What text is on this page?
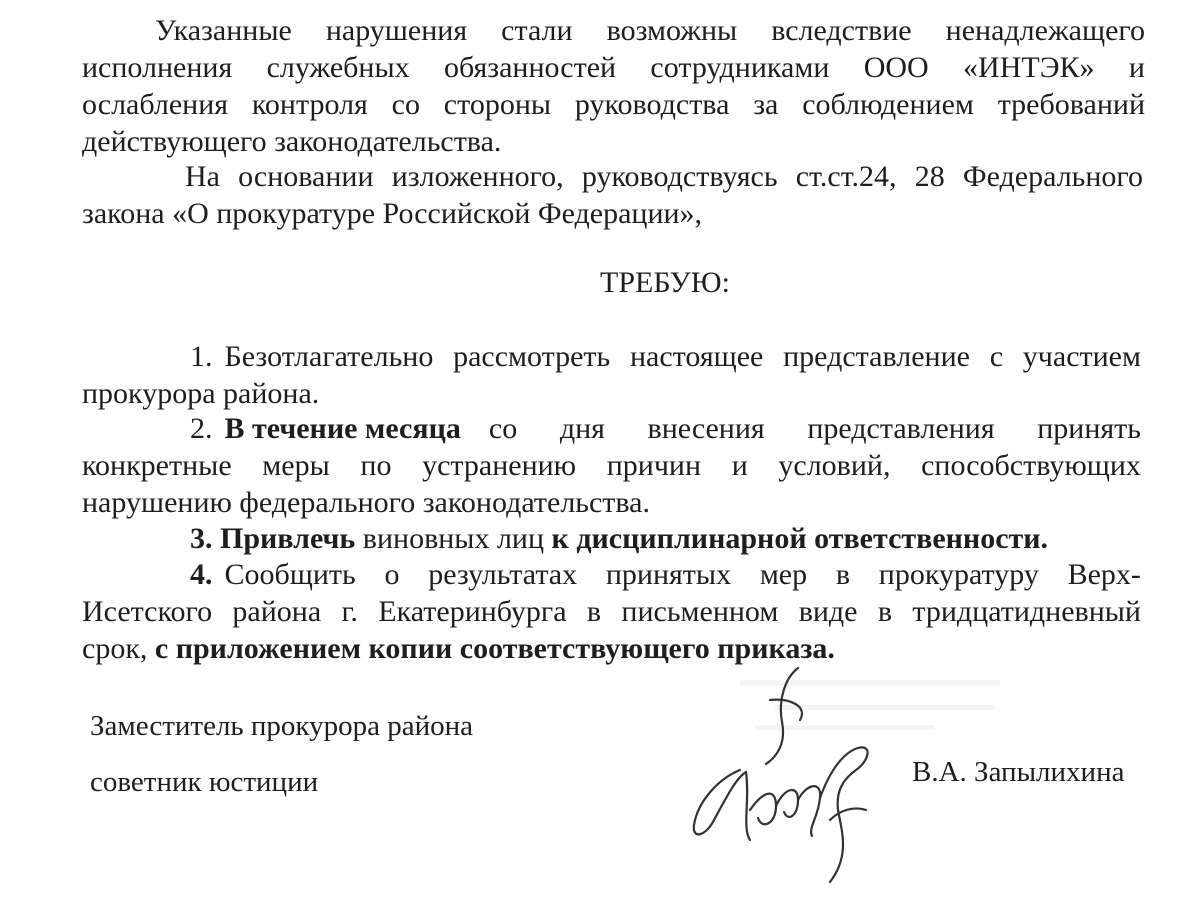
Указанные нарушения стали возможны вследствие ненадлежащего
исполнения служебных обязанностей сотрудниками ООО «ИНТЭК» и
ослабления контроля со стороны руководства за соблюдением требований
действующего законодательства.
На основании изложенного, руководствуясь ст.ст.24, 28 Федерального
закона «О прокуратуре Российской Федерации»,
ТРЕБУЮ:
1. Безотлагательно рассмотреть настоящее представление с участием
прокурора района.
2. В течение месяца со дня внесения представления принять
конкретные меры по устранению причин и условий, способствующих
нарушению федерального законодательства.
3. Привлечь виновных лиц к дисциплинарной ответственности.
4. Сообщить о результатах принятых мер в прокуратуру Верх-
Исетского района г. Екатеринбурга в письменном виде в тридцатидневный
срок, с приложением копии соответствующего приказа.
Заместитель прокурора района
советник юстиции	В.А. Запылихина
